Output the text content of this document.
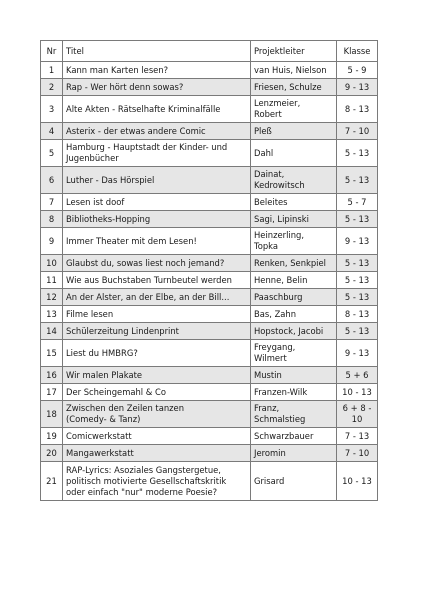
Nr	Titel	Projektleiter	Klasse
1	Kann man Karten lesen?	van Huis, Nielson	5 - 9

2	Rap - Wer hört denn sowas?	Friesen, Schulze	9 - 13

3	Alte Akten - Rätselhafte Kriminalfälle	Lenzmeier,
Robert	8 - 13

4	Asterix - der etwas andere Comic	Pleß	7 - 10

5	Hamburg - Hauptstadt der Kinder- und
Jugenbücher	Dahl	5 - 13

6	Luther - Das Hörspiel	Dainat,
Kedrowitsch	5 - 13

7	Lesen ist doof	Beleites	5 - 7

8	Bibliotheks-Hopping	Sagi, Lipinski	5 - 13

9	Immer Theater mit dem Lesen!	Heinzerling,
Topka	9 - 13

10	Glaubst du, sowas liest noch jemand?	Renken, Senkpiel	5 - 13

11	Wie aus Buchstaben Turnbeutel werden	Henne, Belin	5 - 13

12	An der Alster, an der Elbe, an der Bill...	Paaschburg	5 - 13

13	Filme lesen	Bas, Zahn	8 - 13

14	Schülerzeitung Lindenprint	Hopstock, Jacobi	5 - 13

15	Liest du HMBRG?	Freygang,
Wilmert	9 - 13

16	Wir malen Plakate	Mustin	5 + 6

17	Der Scheingemahl & Co	Franzen-Wilk	10 - 13

18	Zwischen den Zeilen tanzen
(Comedy- & Tanz)	Franz,
Schmalstieg	6 + 8 -
10

19	Comicwerkstatt	Schwarzbauer	7 - 13

20	Mangawerkstatt	Jeromin	7 - 10

21	RAP-Lyrics: Asoziales Gangstergetue,
politisch motivierte Gesellschaftskritik
oder einfach "nur" moderne Poesie?	Grisard	10 - 13
